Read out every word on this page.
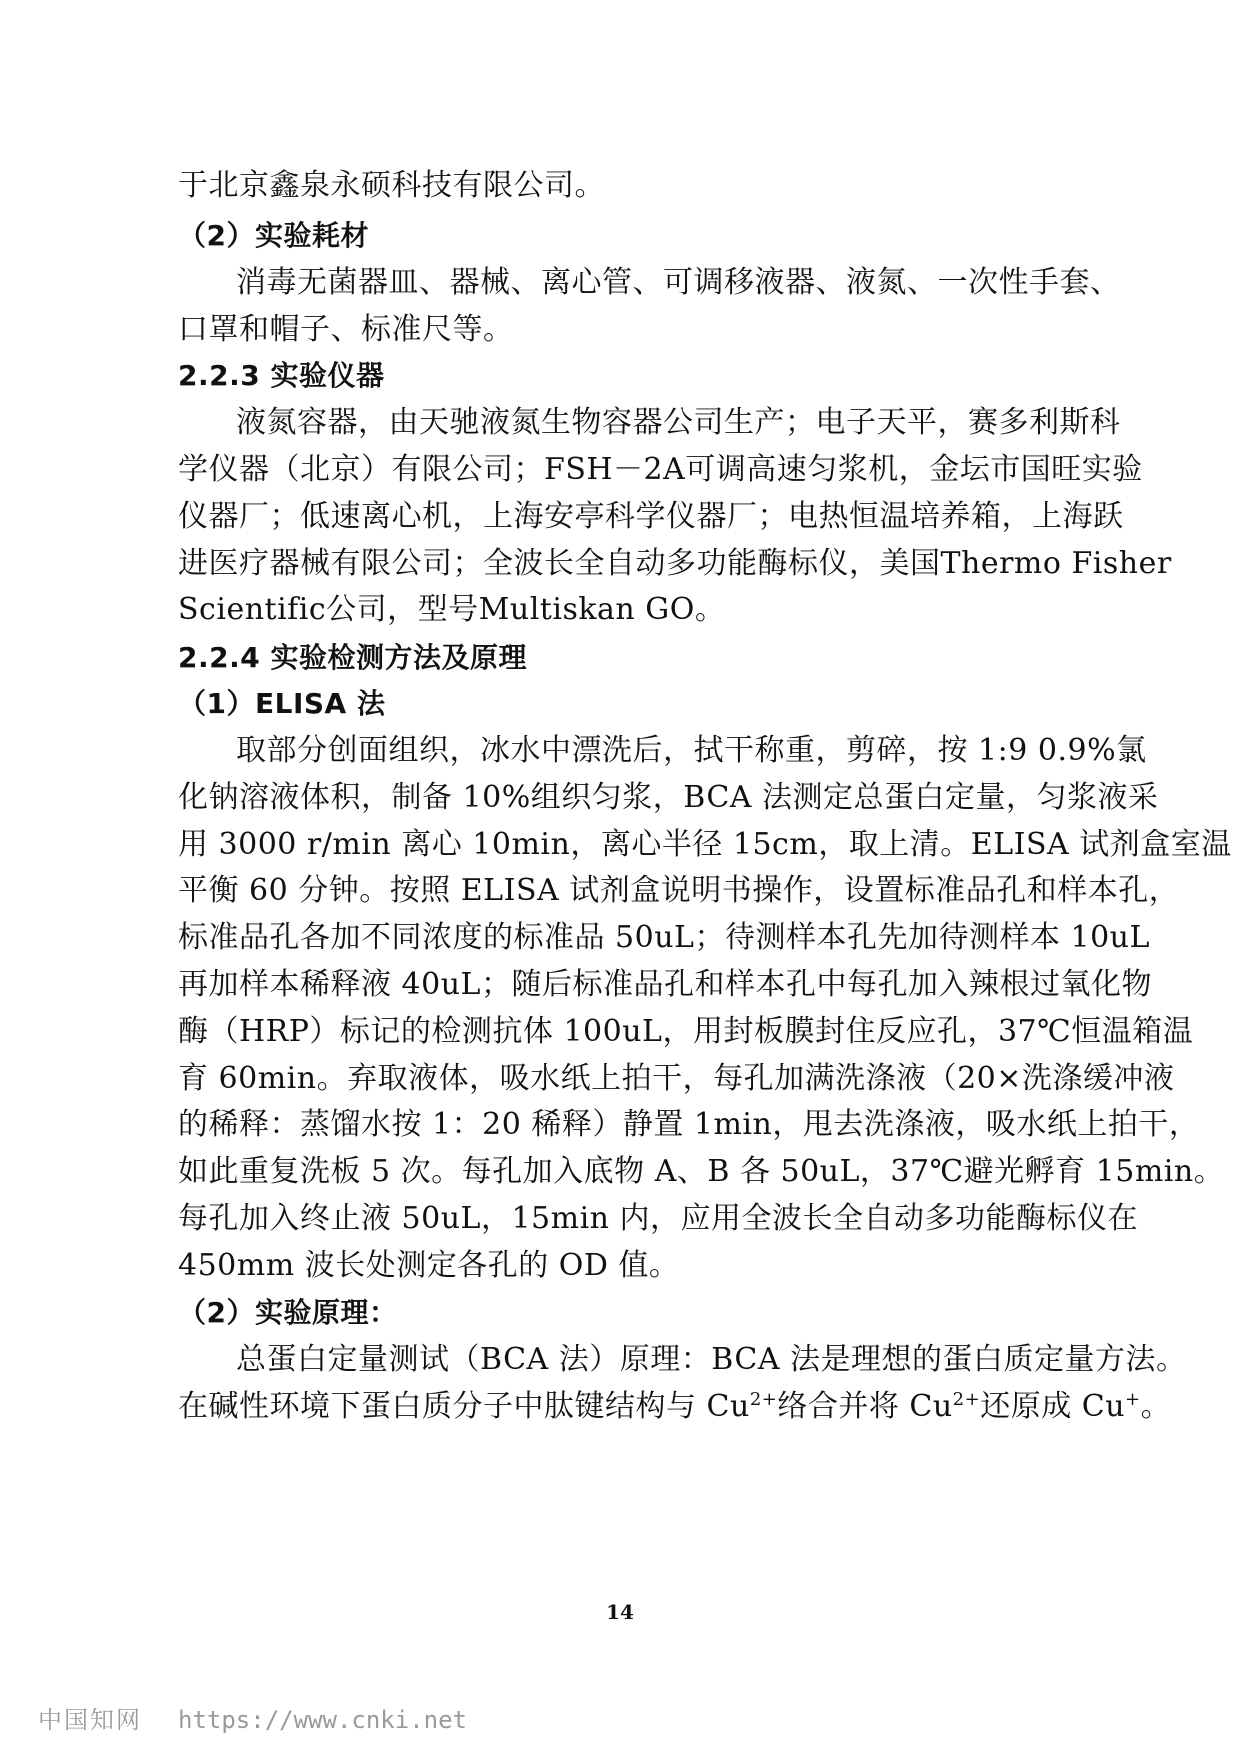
于北京鑫泉永硕科技有限公司。
（2）实验耗材
消毒无菌器皿、器械、离心管、可调移液器、液氮、一次性手套、
口罩和帽子、标准尺等。
2.2.3 实验仪器
液氮容器，由天驰液氮生物容器公司生产；电子天平，赛多利斯科
学仪器（北京）有限公司；FSH－2A可调高速匀浆机，金坛市国旺实验
仪器厂；低速离心机，上海安亭科学仪器厂；电热恒温培养箱，上海跃
进医疗器械有限公司；全波长全自动多功能酶标仪，美国Thermo Fisher
Scientific公司，型号Multiskan GO。
2.2.4 实验检测方法及原理
（1）ELISA 法
取部分创面组织，冰水中漂洗后，拭干称重，剪碎，按 1:9 0.9%氯
化钠溶液体积，制备 10%组织匀浆，BCA 法测定总蛋白定量，匀浆液采
用 3000 r/min 离心 10min，离心半径 15cm，取上清。ELISA 试剂盒室温
平衡 60 分钟。按照 ELISA 试剂盒说明书操作，设置标准品孔和样本孔，
标准品孔各加不同浓度的标准品 50uL；待测样本孔先加待测样本 10uL
再加样本稀释液 40uL；随后标准品孔和样本孔中每孔加入辣根过氧化物
酶（HRP）标记的检测抗体 100uL，用封板膜封住反应孔，37℃恒温箱温
育 60min。弃取液体，吸水纸上拍干，每孔加满洗涤液（20×洗涤缓冲液
的稀释：蒸馏水按 1：20 稀释）静置 1min，甩去洗涤液，吸水纸上拍干，
如此重复洗板 5 次。每孔加入底物 A、B 各 50uL，37℃避光孵育 15min。
每孔加入终止液 50uL，15min 内，应用全波长全自动多功能酶标仪在
450mm 波长处测定各孔的 OD 值。
（2）实验原理：
总蛋白定量测试（BCA 法）原理：BCA 法是理想的蛋白质定量方法。
在碱性环境下蛋白质分子中肽键结构与 $Cu^{2+}$络合并将 $Cu^{2+}$还原成 Cu+。
14
中国知网 https://www.cnki.net
